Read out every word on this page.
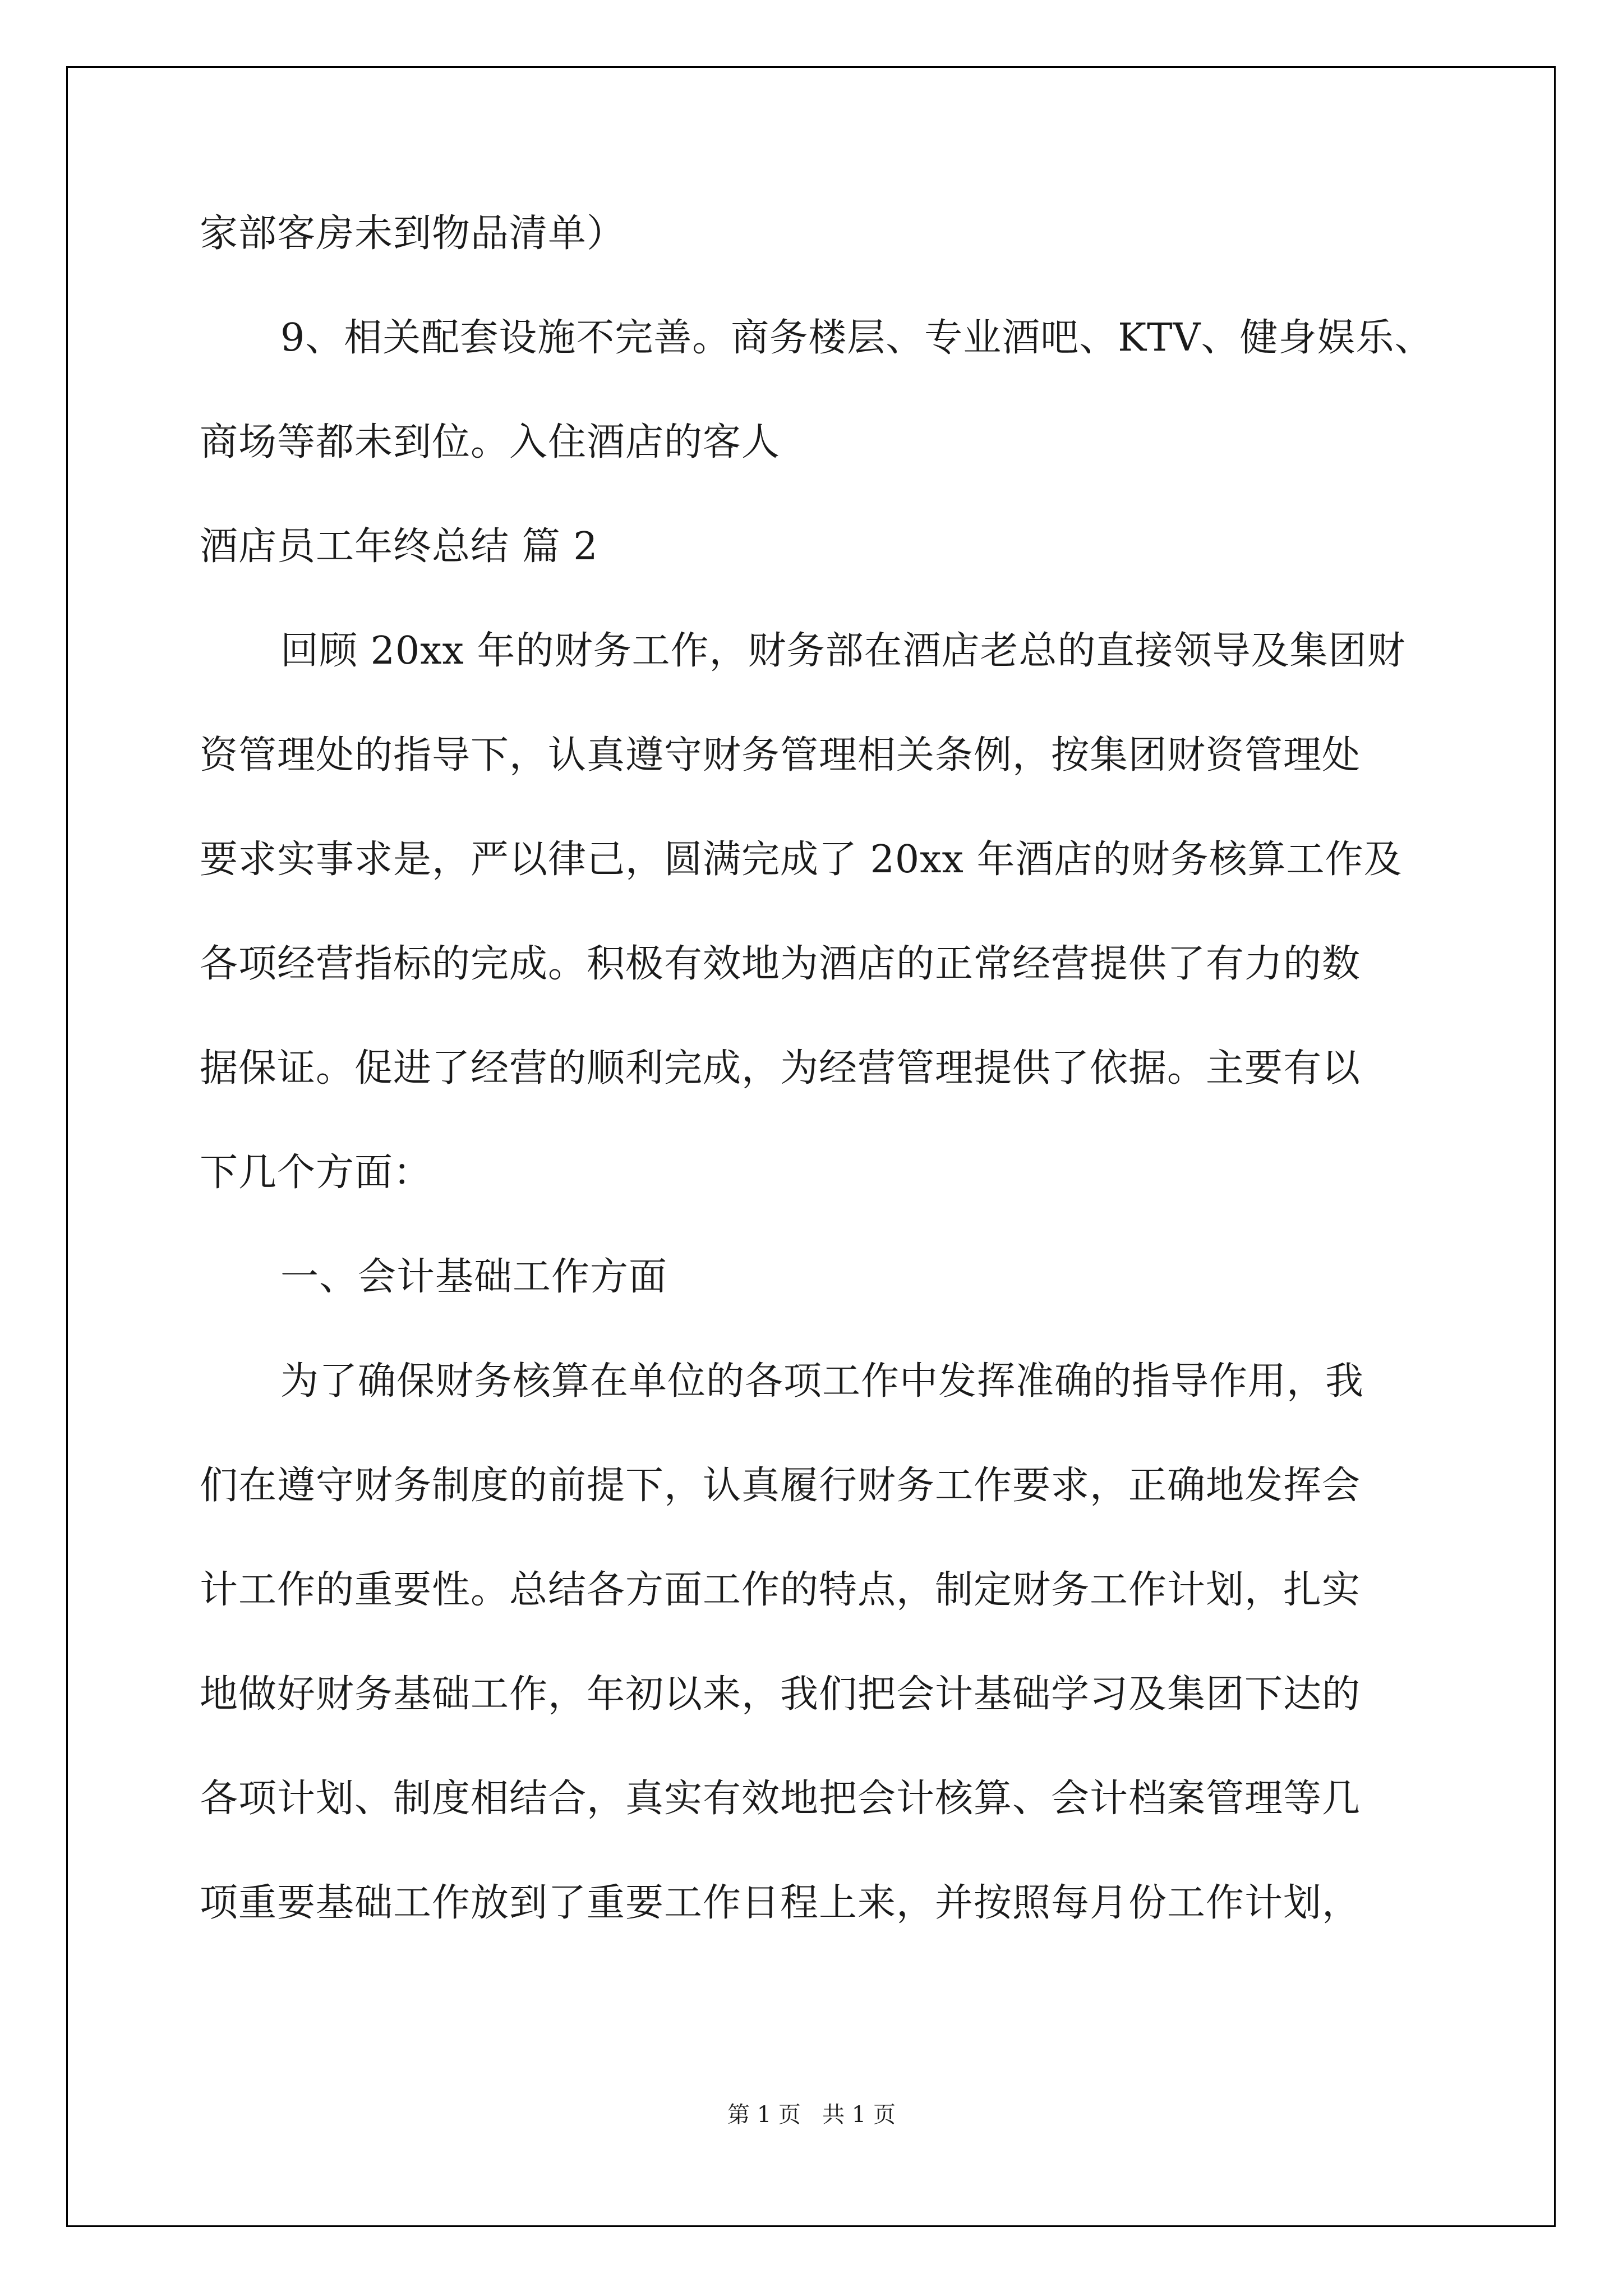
家部客房未到物品清单）
9、相关配套设施不完善。商务楼层、专业酒吧、KTV、健身娱乐、
商场等都未到位。入住酒店的客人
酒店员工年终总结 篇 2
回顾 20xx 年的财务工作，财务部在酒店老总的直接领导及集团财
资管理处的指导下，认真遵守财务管理相关条例，按集团财资管理处
要求实事求是，严以律己，圆满完成了 20xx 年酒店的财务核算工作及
各项经营指标的完成。积极有效地为酒店的正常经营提供了有力的数
据保证。促进了经营的顺利完成，为经营管理提供了依据。主要有以
下几个方面：
一、会计基础工作方面
为了确保财务核算在单位的各项工作中发挥准确的指导作用，我
们在遵守财务制度的前提下，认真履行财务工作要求，正确地发挥会
计工作的重要性。总结各方面工作的特点，制定财务工作计划，扎实
地做好财务基础工作，年初以来，我们把会计基础学习及集团下达的
各项计划、制度相结合，真实有效地把会计核算、会计档案管理等几
项重要基础工作放到了重要工作日程上来，并按照每月份工作计划，
第 1 页   共 1 页
